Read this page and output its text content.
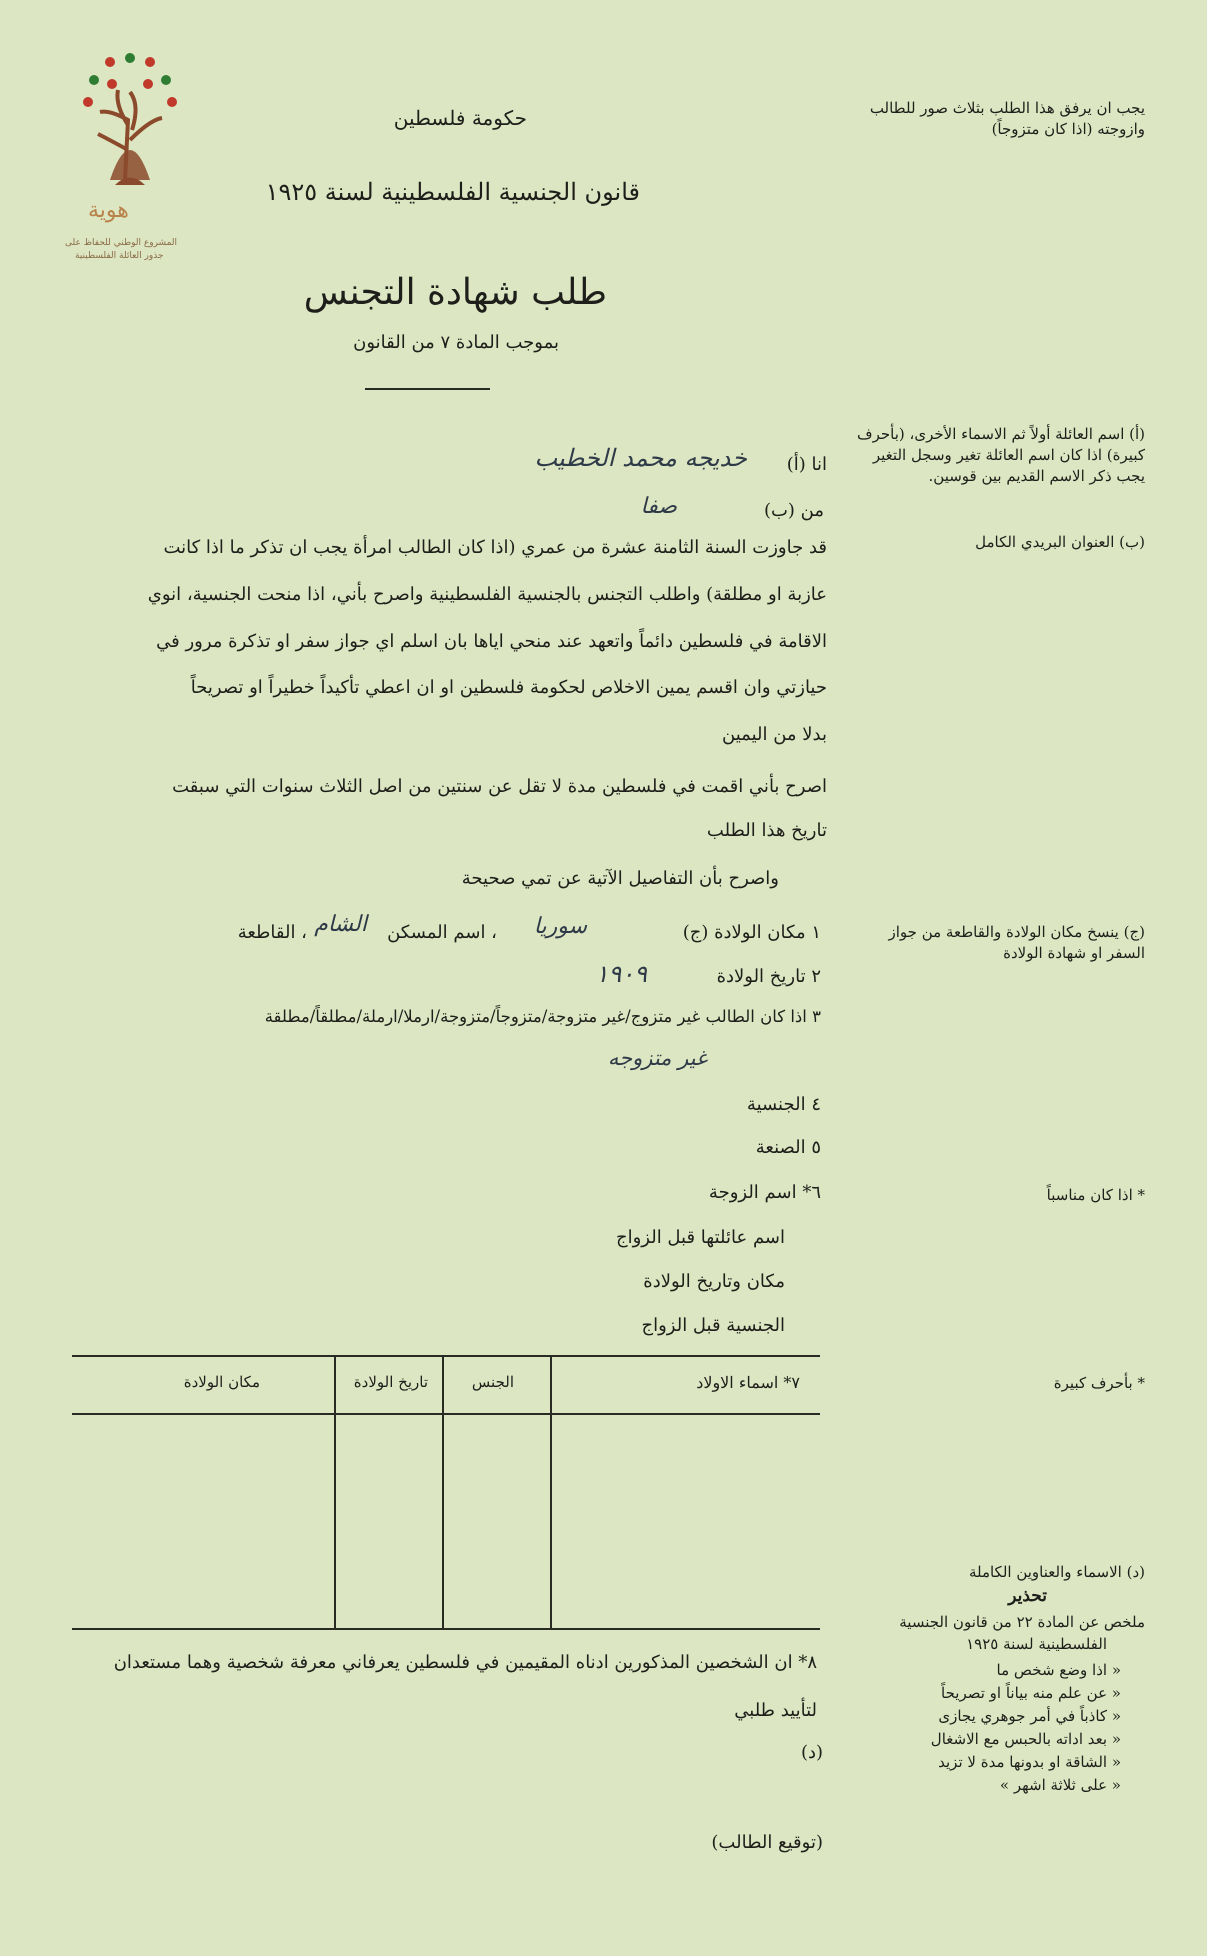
هوية
المشروع الوطني للحفاظ على
جذور العائلة الفلسطينية
حكومة فلسطين
قانون الجنسية الفلسطينية لسنة ١٩٢٥
طلب شهادة التجنس
بموجب المادة ٧ من القانون
يجب ان يرفق هذا الطلب بثلاث صور للطالب وازوجته (اذا كان متزوجاً)
(أ) اسم العائلة أولاً ثم الاسماء الأخرى، (بأحرف كبيرة) اذا كان اسم العائلة تغير وسجل التغير يجب ذكر الاسم القديم بين قوسين.
(ب) العنوان البريدي الكامل
(ج) ينسخ مكان الولادة والقاطعة من جواز السفر او شهادة الولادة
* اذا كان مناسباً
* بأحرف كبيرة
(د) الاسماء والعناوين الكاملة
تحذير
ملخص عن المادة ٢٢ من قانون الجنسية
الفلسطينية لسنة ١٩٢٥
« اذا وضع شخص ما
« عن علم منه بياناً او تصريحاً
« كاذباً في أمر جوهري يجازى
« بعد اداته بالحبس مع الاشغال
« الشاقة او بدونها مدة لا تزيد
« على ثلاثة اشهر »
انا (أ)
خديجه محمد الخطيب
من (ب)
صفا
قد جاوزت السنة الثامنة عشرة من عمري (اذا كان الطالب امرأة يجب ان تذكر ما اذا كانت
عازبة او مطلقة) واطلب التجنس بالجنسية الفلسطينية واصرح بأني، اذا منحت الجنسية، انوي
الاقامة في فلسطين دائماً واتعهد عند منحي اياها بان اسلم اي جواز سفر او تذكرة مرور في
حيازتي وان اقسم يمين الاخلاص لحكومة فلسطين او ان اعطي تأكيداً خطيراً او تصريحاً
بدلا من اليمين
اصرح بأني اقمت في فلسطين مدة لا تقل عن سنتين من اصل الثلاث سنوات التي سبقت
تاريخ هذا الطلب
واصرح بأن التفاصيل الآتية عن تمي صحيحة
١ مكان الولادة (ج)
سوريا
، اسم المسكن
الشام
، القاطعة
٢ تاريخ الولادة
١٩٠٩
٣ اذا كان الطالب غير متزوج/غير متزوجة/متزوجاً/متزوجة/ارملا/ارملة/مطلقاً/مطلقة
غير متزوجه
٤ الجنسية
٥ الصنعة
٦* اسم الزوجة
اسم عائلتها قبل الزواج
مكان وتاريخ الولادة
الجنسية قبل الزواج
٧* اسماء الاولاد
الجنس
تاريخ الولادة
مكان الولادة
٨* ان الشخصين المذكورين ادناه المقيمين في فلسطين يعرفاني معرفة شخصية وهما مستعدان
لتأييد طلبي
(د)
(توقيع الطالب)
